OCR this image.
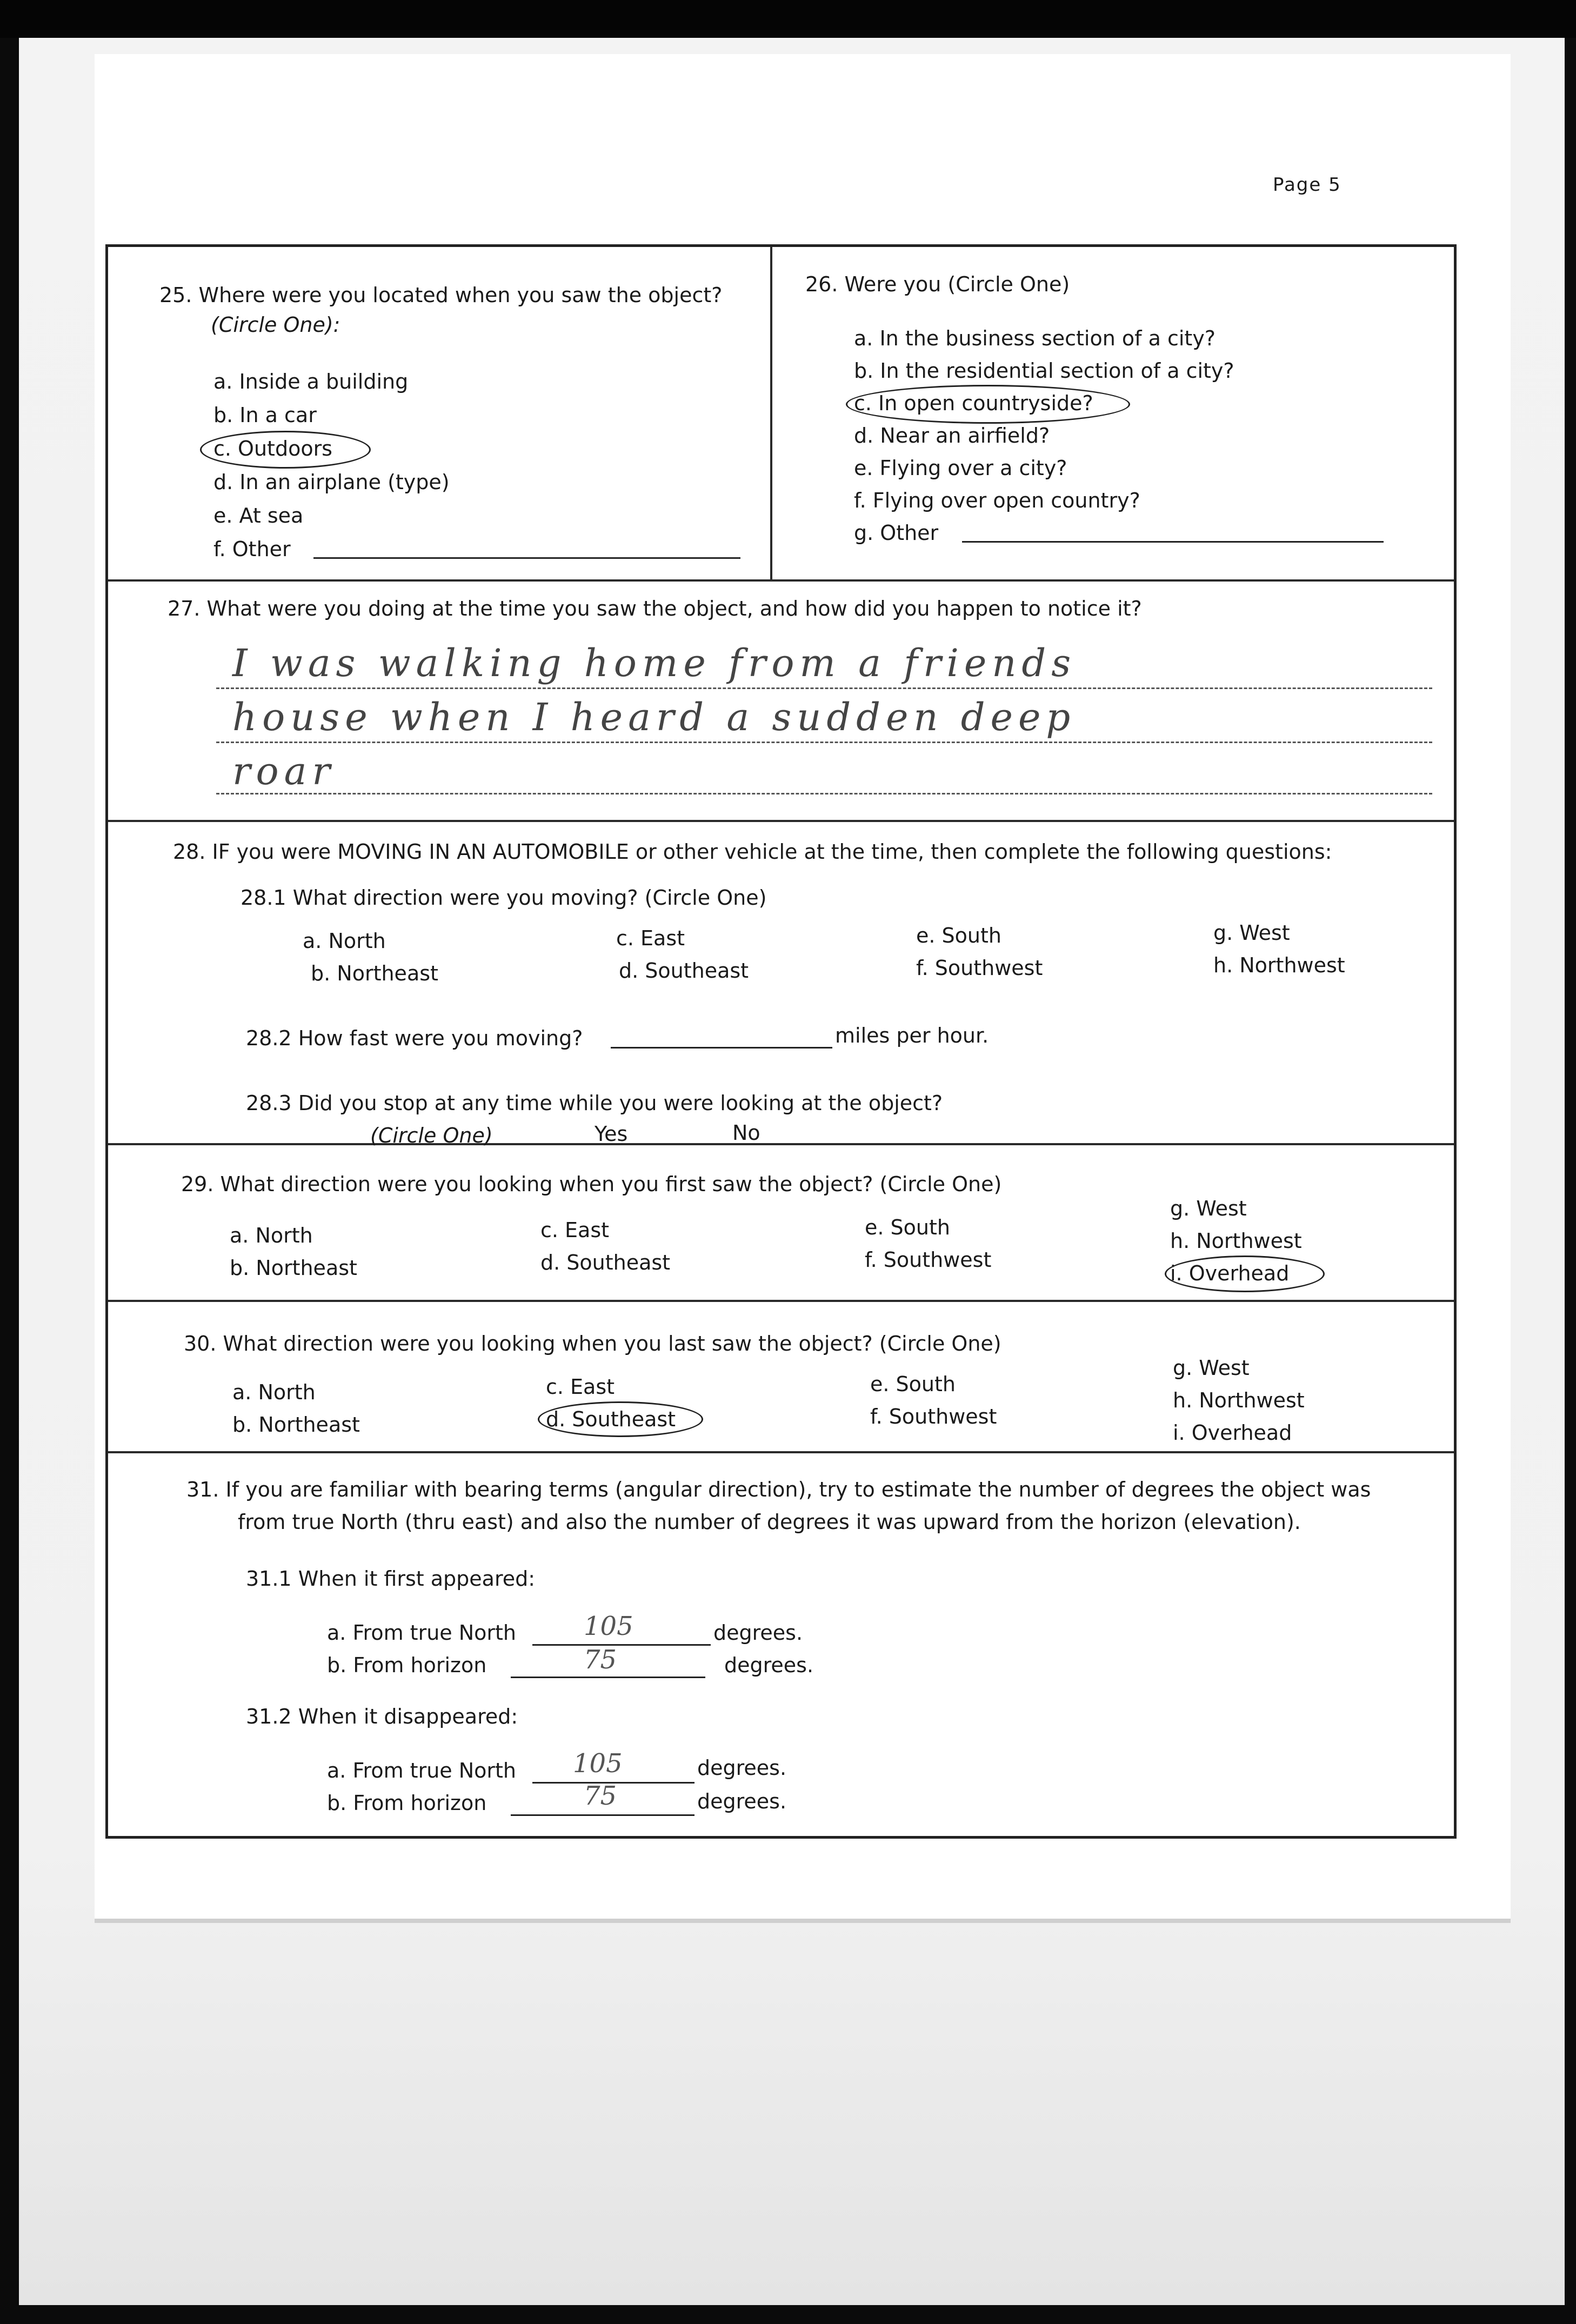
Page 5
25. Where were you located when you saw the object?
(Circle One):
a. Inside a building
b. In a car
c. Outdoors
d. In an airplane (type)
e. At sea
f. Other
26. Were you (Circle One)
a. In the business section of a city?
b. In the residential section of a city?
c. In open countryside?
d. Near an airfield?
e. Flying over a city?
f. Flying over open country?
g. Other
27. What were you doing at the time you saw the object, and how did you happen to notice it?
I was walking home from a friends
house when I heard a sudden deep
roar
28. IF you were MOVING IN AN AUTOMOBILE or other vehicle at the time, then complete the following questions:
28.1 What direction were you moving? (Circle One)
a. North
b. Northeast
c. East
d. Southeast
e. South
f. Southwest
g. West
h. Northwest
28.2 How fast were you moving?	miles per hour.
28.3 Did you stop at any time while you were looking at the object?
(Circle One)	Yes	No
29. What direction were you looking when you first saw the object? (Circle One)
a. North
b. Northeast
c. East
d. Southeast
e. South
f. Southwest
g. West
h. Northwest
i. Overhead
30. What direction were you looking when you last saw the object? (Circle One)
a. North
b. Northeast
c. East
d. Southeast
e. South
f. Southwest
g. West
h. Northwest
i. Overhead
31. If you are familiar with bearing terms (angular direction), try to estimate the number of degrees the object was
from true North (thru east) and also the number of degrees it was upward from the horizon (elevation).
31.1 When it first appeared:
a. From true North	105	degrees.
b. From horizon	75	degrees.
31.2 When it disappeared:
a. From true North 105	degrees.
b. From horizon	75	degrees.
